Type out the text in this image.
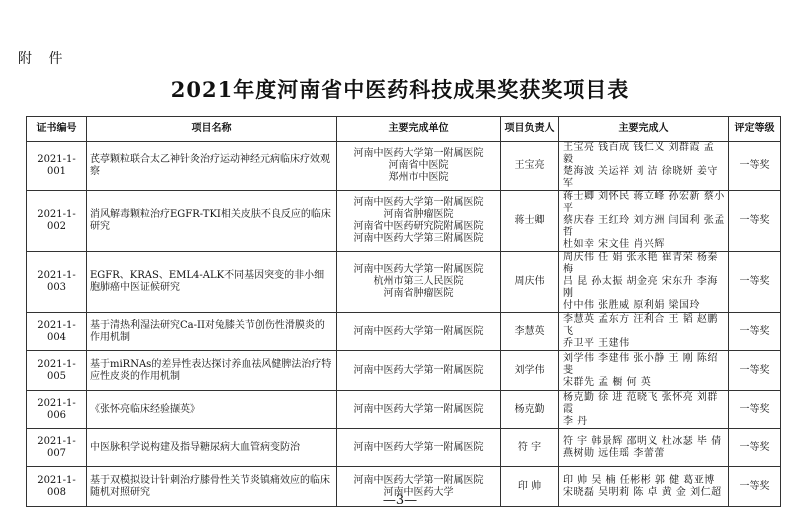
附 件
2021年度河南省中医药科技成果奖获奖项目表
证书编号	项目名称	主要完成单位	项目负责人	主要完成人	评定等级
2021-1-001	芪葶颗粒联合太乙神针灸治疗运动神经元病临床疗效观察	河南中医药大学第一附属医院
河南省中医院
郑州市中医院	王宝亮	王宝亮 钱百成 钱仁义 刘群霞 孟 毅
楚海波 关运祥 刘 洁 徐晓妍 姜守军	一等奖
2021-1-002	消风解毒颗粒治疗EGFR-TKI相关皮肤不良反应的临床研究	河南中医药大学第一附属医院
河南省肿瘤医院
河南省中医药研究院附属医院
河南中医药大学第三附属医院	蒋士卿	蒋士卿 刘怀民 蒋立峰 孙宏新 蔡小平
蔡庆春 王红玲 刘方洲 闫国利 张孟哲
杜如幸 宋文佳 肖兴辉	一等奖
2021-1-003	EGFR、KRAS、EML4-ALK不同基因突变的非小细胞肺癌中医证候研究	河南中医药大学第一附属医院
杭州市第三人民医院
河南省肿瘤医院	周庆伟	周庆伟 任 娟 张永艳 崔青荣 杨秦梅
吕 昆 孙太振 胡金亮 宋东升 李海刚
付中伟 张胜威 原利娟 梁国玲	一等奖
2021-1-004	基于清热利湿法研究Ca-II对兔膝关节创伤性滑膜炎的作用机制	河南中医药大学第一附属医院	李慧英	李慧英 孟东方 汪利合 王 韬 赵鹏飞
乔卫平 王建伟	一等奖
2021-1-005	基于miRNAs的差异性表达探讨养血祛风健脾法治疗特应性皮炎的作用机制	河南中医药大学第一附属医院	刘学伟	刘学伟 李建伟 张小静 王 刚 陈绍斐
宋群先 孟 橱 何 英	一等奖
2021-1-006	《张怀亮临床经验撷英》	河南中医药大学第一附属医院	杨克勤	杨克勤 徐 进 范晓飞 张怀亮 刘群霞
李 丹	一等奖
2021-1-007	中医脉积学说构建及指导糖尿病大血管病变防治	河南中医药大学第一附属医院	符 宇	符 宇 韩景辉 邵明义 杜冰瑟 毕 倩
燕树勋 远佳瑶 李蕾蕾	一等奖
2021-1-008	基于双模拟设计针刺治疗膝骨性关节炎镇痛效应的临床随机对照研究	河南中医药大学第一附属医院
河南中医药大学	印 帅	印 帅 吴 楠 任彬彬 郭 健 葛亚博
宋晓磊 吴明莉 陈 卓 黄 金 刘仁超	一等奖
—3—
